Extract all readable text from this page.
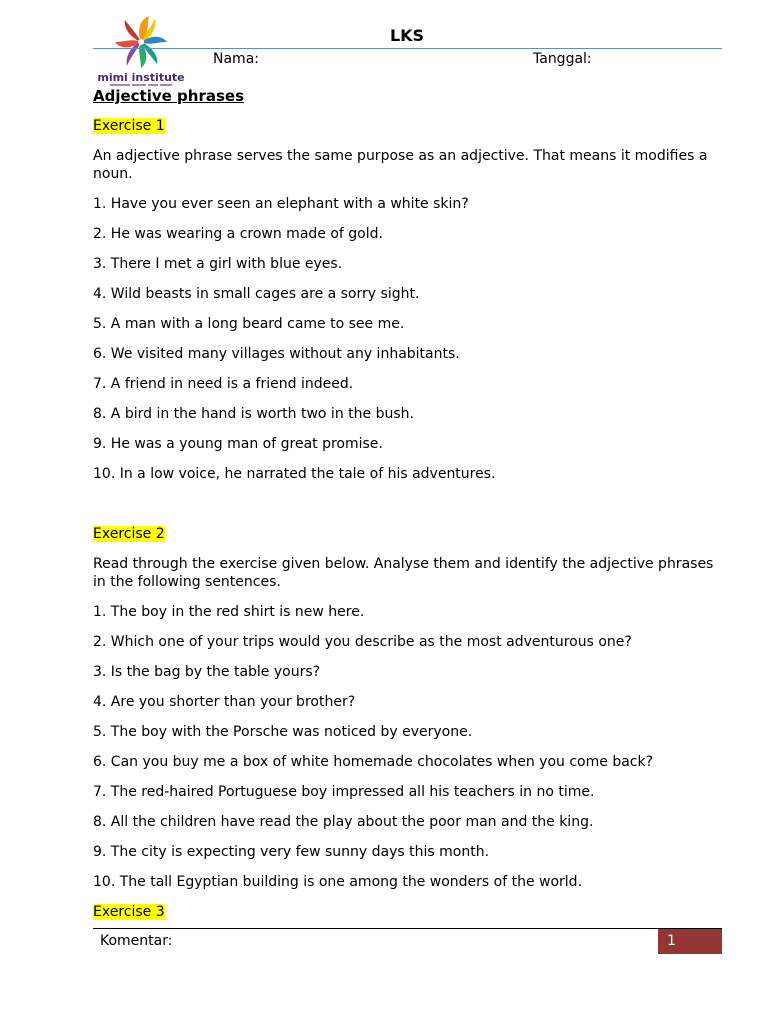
mimi institute
LKS
Nama:	Tanggal:

Adjective phrases

Exercise 1

An adjective phrase serves the same purpose as an adjective. That means it modifies a noun.

1. Have you ever seen an elephant with a white skin?

2. He was wearing a crown made of gold.

3. There I met a girl with blue eyes.

4. Wild beasts in small cages are a sorry sight.

5. A man with a long beard came to see me.

6. We visited many villages without any inhabitants.

7. A friend in need is a friend indeed.

8. A bird in the hand is worth two in the bush.

9. He was a young man of great promise.

10. In a low voice, he narrated the tale of his adventures.

Exercise 2

Read through the exercise given below. Analyse them and identify the adjective phrases in the following sentences.

1. The boy in the red shirt is new here.

2. Which one of your trips would you describe as the most adventurous one?

3. Is the bag by the table yours?

4. Are you shorter than your brother?

5. The boy with the Porsche was noticed by everyone.

6. Can you buy me a box of white homemade chocolates when you come back?

7. The red-haired Portuguese boy impressed all his teachers in no time.

8. All the children have read the play about the poor man and the king.

9. The city is expecting very few sunny days this month.

10. The tall Egyptian building is one among the wonders of the world.

Exercise 3

Komentar:	1
